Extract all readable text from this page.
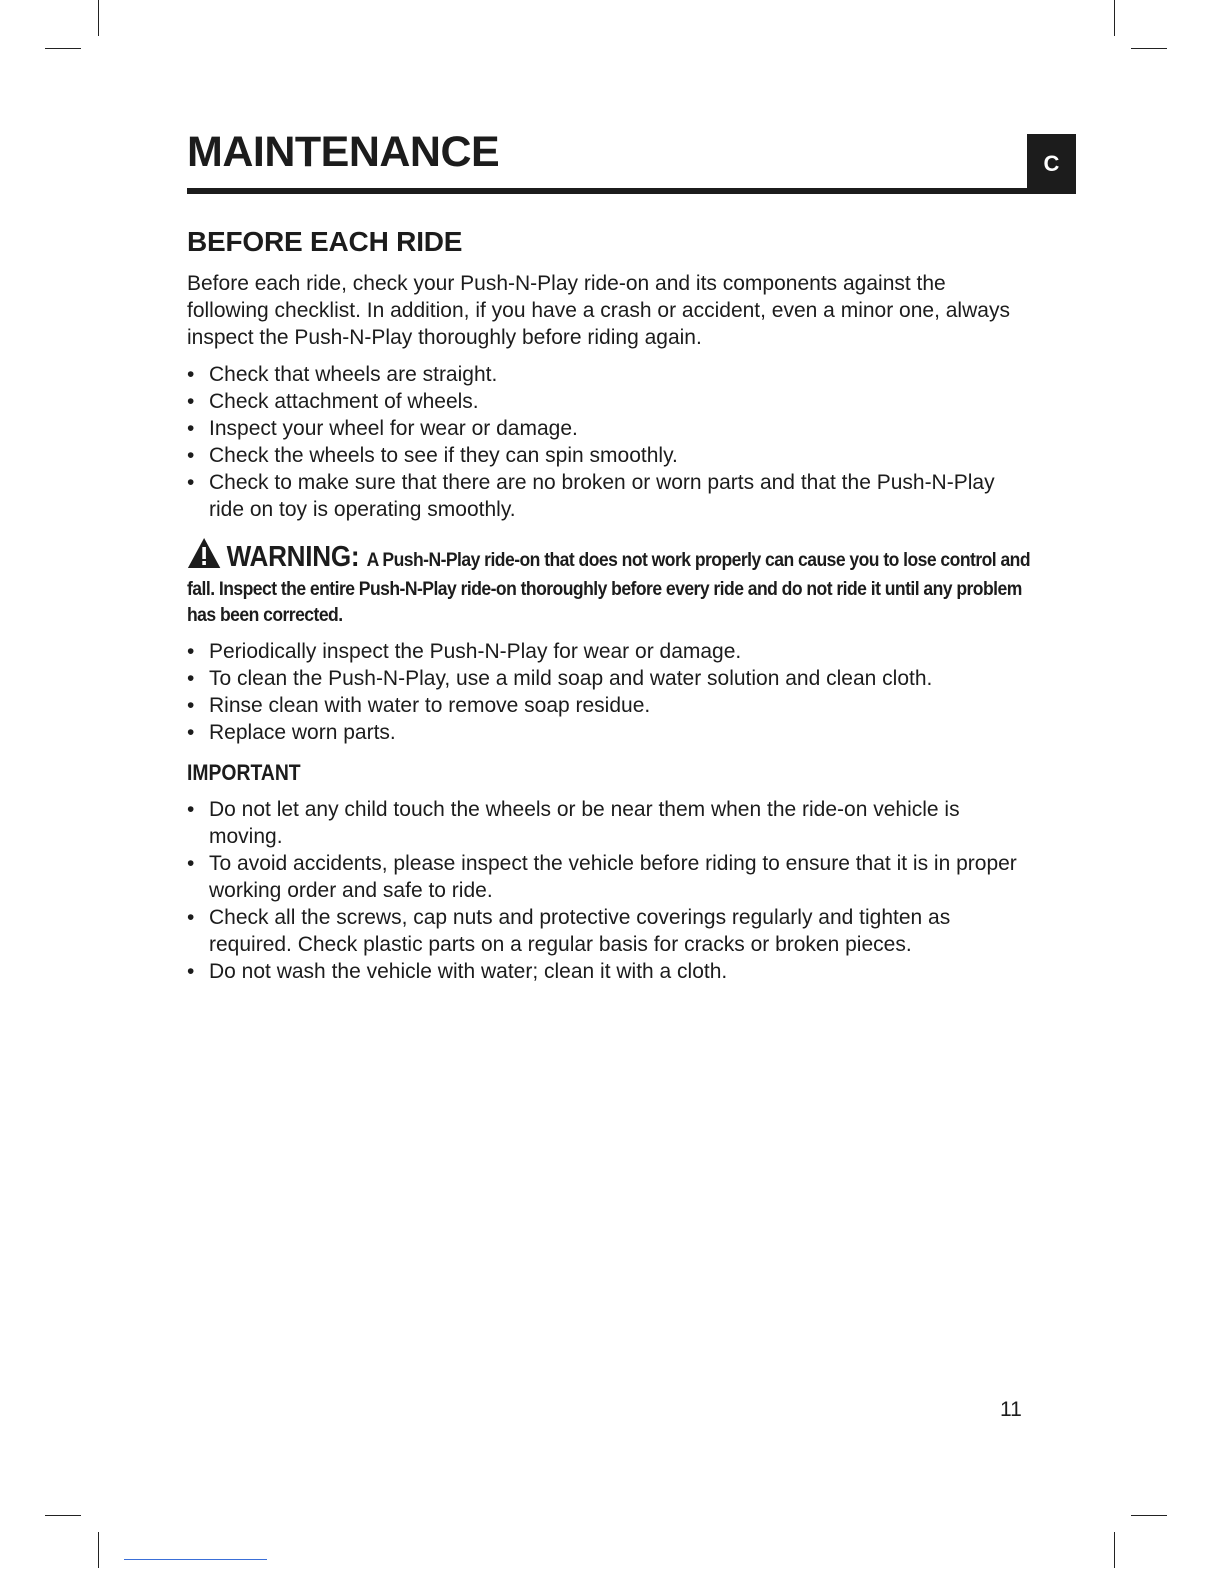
MAINTENANCE	C
BEFORE EACH RIDE

Before each ride, check your Push-N-Play ride-on and its components against the following checklist. In addition, if you have a crash or accident, even a minor one, always inspect the Push-N-Play thoroughly before riding again.

• Check that wheels are straight.
• Check attachment of wheels.
• Inspect your wheel for wear or damage.
• Check the wheels to see if they can spin smoothly.
• Check to make sure that there are no broken or worn parts and that the Push-N-Play ride on toy is operating smoothly.
WARNING: A Push-N-Play ride-on that does not work properly can cause you to lose control and fall. Inspect the entire Push-N-Play ride-on thoroughly before every ride and do not ride it until any problem has been corrected.
• Periodically inspect the Push-N-Play for wear or damage.
• To clean the Push-N-Play, use a mild soap and water solution and clean cloth.
• Rinse clean with water to remove soap residue.
• Replace worn parts.
IMPORTANT
• Do not let any child touch the wheels or be near them when the ride-on vehicle is moving.
• To avoid accidents, please inspect the vehicle before riding to ensure that it is in proper working order and safe to ride.
• Check all the screws, cap nuts and protective coverings regularly and tighten as required. Check plastic parts on a regular basis for cracks or broken pieces.
• Do not wash the vehicle with water; clean it with a cloth.
11
